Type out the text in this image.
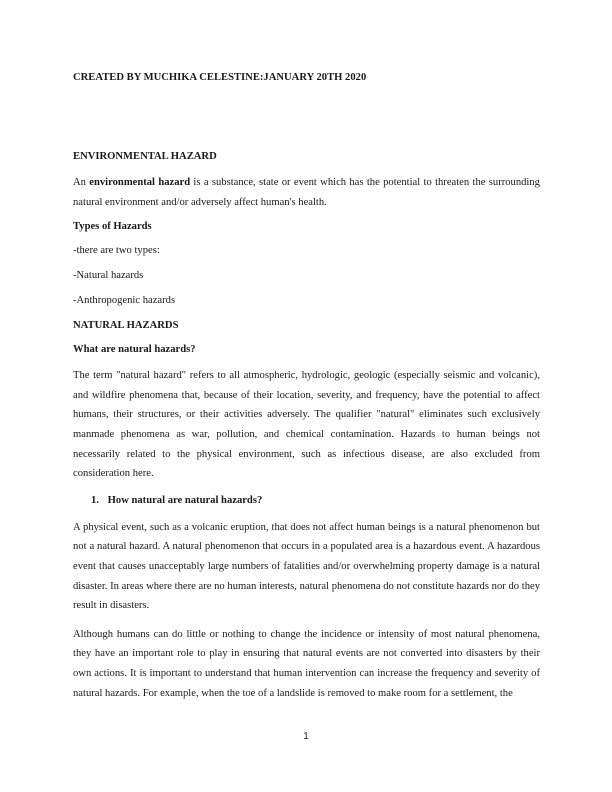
CREATED BY MUCHIKA CELESTINE:JANUARY 20TH 2020
ENVIRONMENTAL HAZARD

An environmental hazard is a substance, state or event which has the potential to threaten the surrounding natural environment and/or adversely affect human's health.

Types of Hazards
-there are two types:
-Natural hazards
-Anthropogenic hazards
NATURAL HAZARDS
What are natural hazards?

The term "natural hazard" refers to all atmospheric, hydrologic, geologic (especially seismic and volcanic), and wildfire phenomena that, because of their location, severity, and frequency, have the potential to affect humans, their structures, or their activities adversely. The qualifier "natural" eliminates such exclusively manmade phenomena as war, pollution, and chemical contamination. Hazards to human beings not necessarily related to the physical environment, such as infectious disease, are also excluded from consideration here.

1. How natural are natural hazards?

A physical event, such as a volcanic eruption, that does not affect human beings is a natural phenomenon but not a natural hazard. A natural phenomenon that occurs in a populated area is a hazardous event. A hazardous event that causes unacceptably large numbers of fatalities and/or overwhelming property damage is a natural disaster. In areas where there are no human interests, natural phenomena do not constitute hazards nor do they result in disasters.

Although humans can do little or nothing to change the incidence or intensity of most natural phenomena, they have an important role to play in ensuring that natural events are not converted into disasters by their own actions. It is important to understand that human intervention can increase the frequency and severity of natural hazards. For example, when the toe of a landslide is removed to make room for a settlement, the

1
